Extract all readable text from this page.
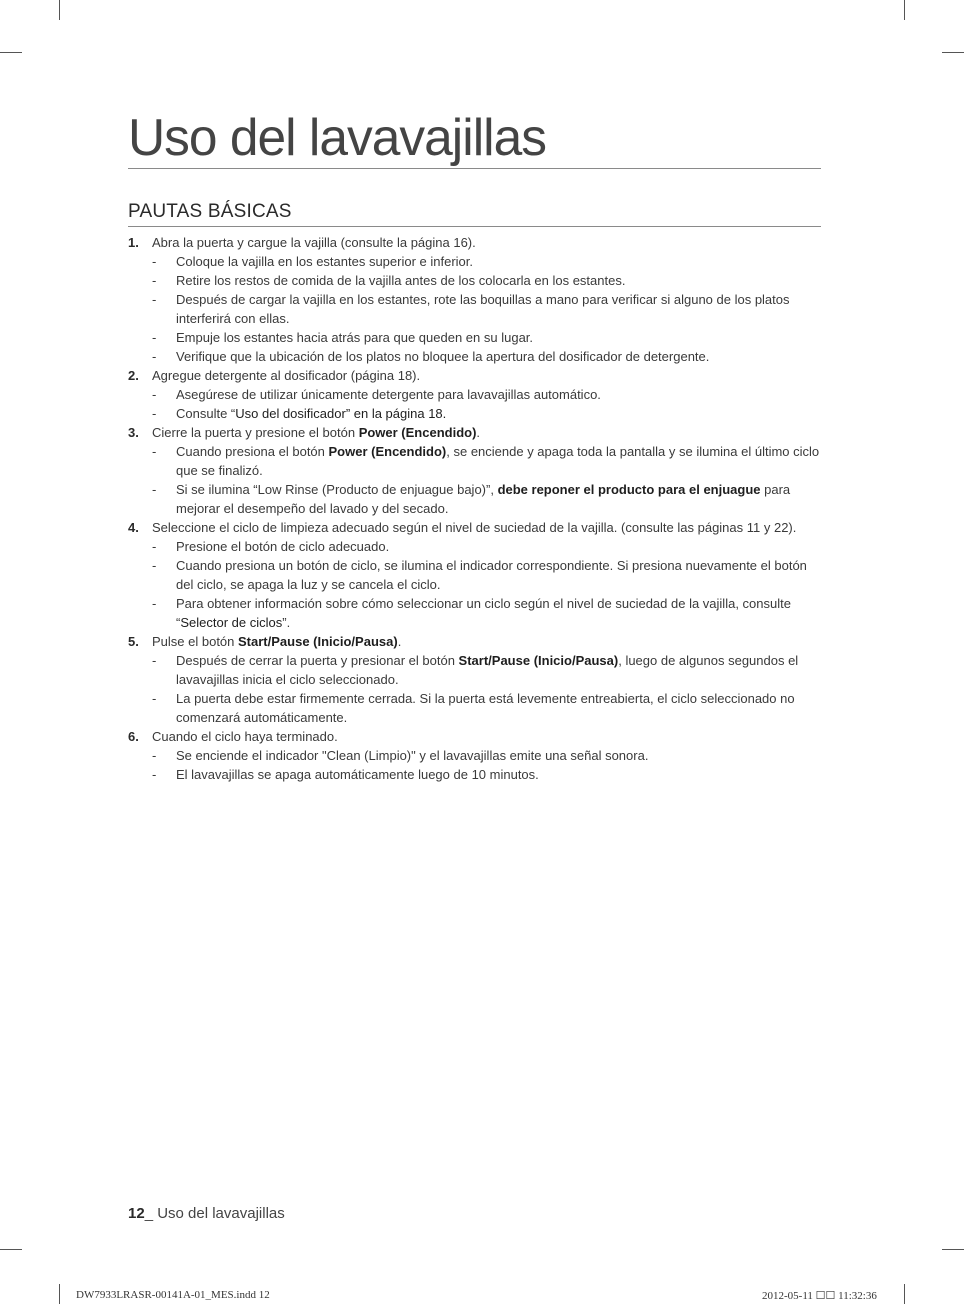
Uso del lavavajillas
PAUTAS BÁSICAS
1. Abra la puerta y cargue la vajilla (consulte la página 16).
- Coloque la vajilla en los estantes superior e inferior.
- Retire los restos de comida de la vajilla antes de los colocarla en los estantes.
- Después de cargar la vajilla en los estantes, rote las boquillas a mano para verificar si alguno de los platos interferirá con ellas.
- Empuje los estantes hacia atrás para que queden en su lugar.
- Verifique que la ubicación de los platos no bloquee la apertura del dosificador de detergente.
2. Agregue detergente al dosificador (página 18).
- Asegúrese de utilizar únicamente detergente para lavavajillas automático.
- Consulte “Uso del dosificador” en la página 18.
3. Cierre la puerta y presione el botón Power (Encendido).
- Cuando presiona el botón Power (Encendido), se enciende y apaga toda la pantalla y se ilumina el último ciclo que se finalizó.
- Si se ilumina “Low Rinse (Producto de enjuague bajo)”, debe reponer el producto para el enjuague para mejorar el desempeño del lavado y del secado.
4. Seleccione el ciclo de limpieza adecuado según el nivel de suciedad de la vajilla. (consulte las páginas 11 y 22).
- Presione el botón de ciclo adecuado.
- Cuando presiona un botón de ciclo, se ilumina el indicador correspondiente. Si presiona nuevamente el botón del ciclo, se apaga la luz y se cancela el ciclo.
- Para obtener información sobre cómo seleccionar un ciclo según el nivel de suciedad de la vajilla, consulte “Selector de ciclos”.
5. Pulse el botón Start/Pause (Inicio/Pausa).
- Después de cerrar la puerta y presionar el botón Start/Pause (Inicio/Pausa), luego de algunos segundos el lavavajillas inicia el ciclo seleccionado.
- La puerta debe estar firmemente cerrada. Si la puerta está levemente entreabierta, el ciclo seleccionado no comenzará automáticamente.
6. Cuando el ciclo haya terminado.
- Se enciende el indicador "Clean (Limpio)" y el lavavajillas emite una señal sonora.
- El lavavajillas se apaga automáticamente luego de 10 minutos.
12_ Uso del lavavajillas
DW7933LRASR-00141A-01_MES.indd 12	2012-05-11 ☐☐ 11:32:36
